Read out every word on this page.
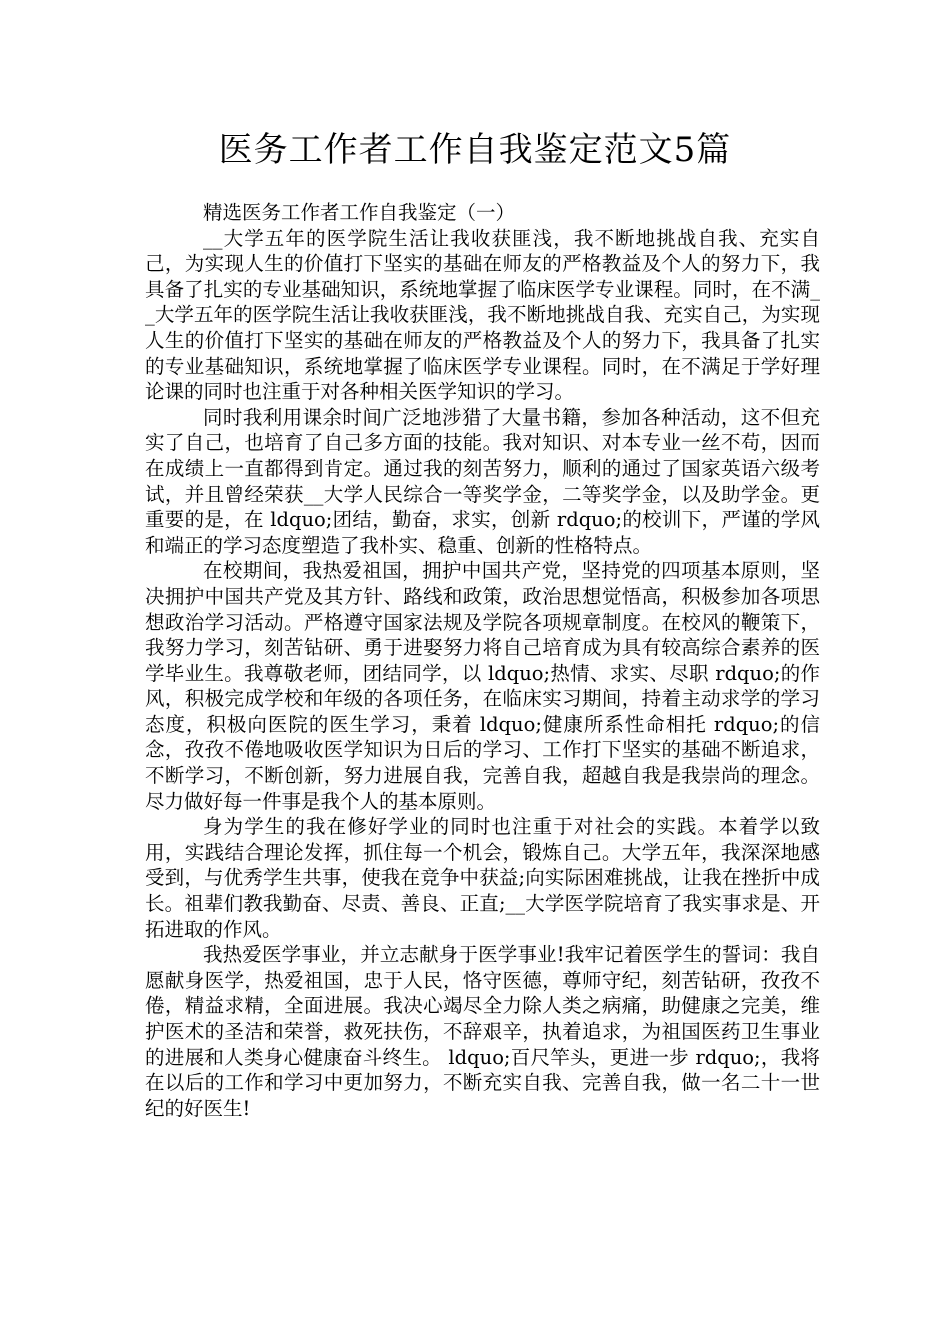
医务工作者工作自我鉴定范文5篇

精选医务工作者工作自我鉴定（一）

__大学五年的医学院生活让我收获匪浅，我不断地挑战自我、充实自己，为实现人生的价值打下坚实的基础在师友的严格教益及个人的努力下，我具备了扎实的专业基础知识，系统地掌握了临床医学专业课程。同时，在不满__大学五年的医学院生活让我收获匪浅，我不断地挑战自我、充实自己，为实现人生的价值打下坚实的基础在师友的严格教益及个人的努力下，我具备了扎实的专业基础知识，系统地掌握了临床医学专业课程。同时，在不满足于学好理论课的同时也注重于对各种相关医学知识的学习。

同时我利用课余时间广泛地涉猎了大量书籍，参加各种活动，这不但充实了自己，也培育了自己多方面的技能。我对知识、对本专业一丝不苟，因而在成绩上一直都得到肯定。通过我的刻苦努力，顺利的通过了国家英语六级考试，并且曾经荣获__大学人民综合一等奖学金，二等奖学金，以及助学金。更重要的是，在 ldquo;团结，勤奋，求实，创新 rdquo;的校训下，严谨的学风和端正的学习态度塑造了我朴实、稳重、创新的性格特点。

在校期间，我热爱祖国，拥护中国共产党，坚持党的四项基本原则，坚决拥护中国共产党及其方针、路线和政策，政治思想觉悟高，积极参加各项思想政治学习活动。严格遵守国家法规及学院各项规章制度。在校风的鞭策下，我努力学习，刻苦钻研、勇于进娶努力将自己培育成为具有较高综合素养的医学毕业生。我尊敬老师，团结同学，以 ldquo;热情、求实、尽职 rdquo;的作风，积极完成学校和年级的各项任务，在临床实习期间，持着主动求学的学习态度，积极向医院的医生学习，秉着 ldquo;健康所系性命相托 rdquo;的信念，孜孜不倦地吸收医学知识为日后的学习、工作打下坚实的基础不断追求，不断学习，不断创新，努力进展自我，完善自我，超越自我是我崇尚的理念。尽力做好每一件事是我个人的基本原则。

身为学生的我在修好学业的同时也注重于对社会的实践。本着学以致用，实践结合理论发挥，抓住每一个机会，锻炼自己。大学五年，我深深地感受到，与优秀学生共事，使我在竞争中获益;向实际困难挑战，让我在挫折中成长。祖辈们教我勤奋、尽责、善良、正直;__大学医学院培育了我实事求是、开拓进取的作风。

我热爱医学事业，并立志献身于医学事业!我牢记着医学生的誓词：我自愿献身医学，热爱祖国，忠于人民，恪守医德，尊师守纪，刻苦钻研，孜孜不倦，精益求精，全面进展。我决心竭尽全力除人类之病痛，助健康之完美，维护医术的圣洁和荣誉，救死扶伤，不辞艰辛，执着追求，为祖国医药卫生事业的进展和人类身心健康奋斗终生。 ldquo;百尺竿头，更进一步 rdquo;，我将在以后的工作和学习中更加努力，不断充实自我、完善自我，做一名二十一世纪的好医生!
